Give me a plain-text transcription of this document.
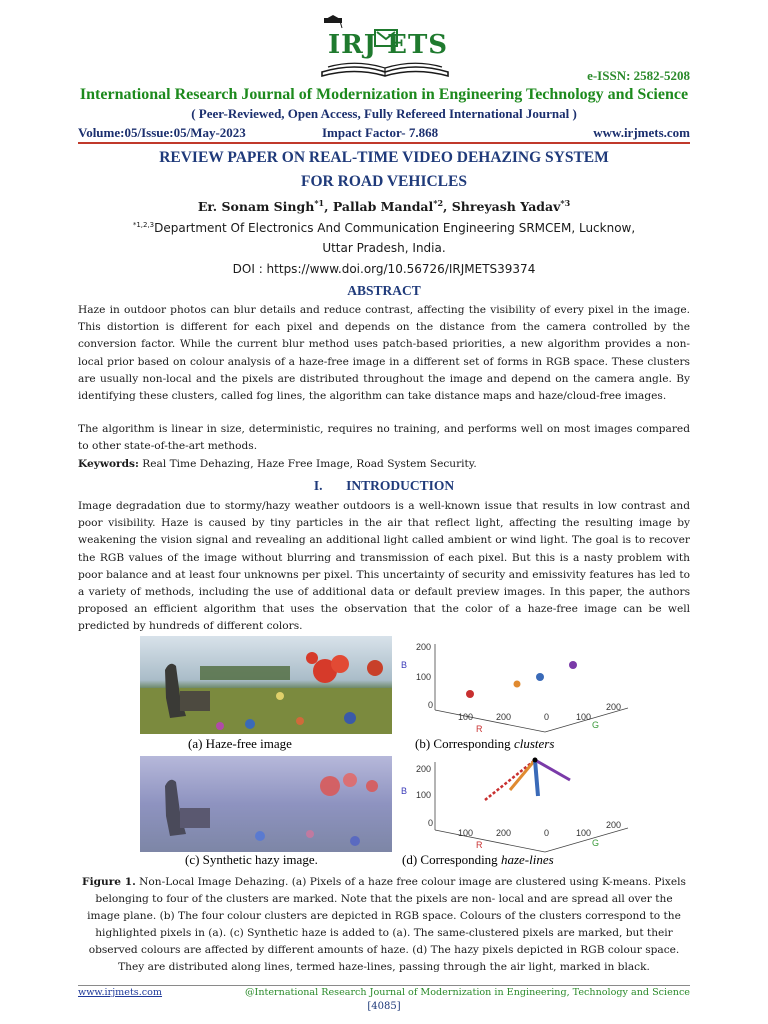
IRJ ETS
e-ISSN: 2582-5208
International Research Journal of Modernization in Engineering Technology and Science
( Peer-Reviewed, Open Access, Fully Refereed International Journal )
Volume:05/Issue:05/May-2023	Impact Factor- 7.868	www.irjmets.com
REVIEW PAPER ON REAL-TIME VIDEO DEHAZING SYSTEM
FOR ROAD VEHICLES
Er. Sonam Singh$^{*1}$, Pallab Mandal$^{*2}$, Shreyash Yadav$^{*3}$
$^{*1,2,3}$Department Of Electronics And Communication Engineering SRMCEM, Lucknow,
Uttar Pradesh, India.
DOI : https://www.doi.org/10.56726/IRJMETS39374
ABSTRACT
Haze in outdoor photos can blur details and reduce contrast, affecting the visibility of every pixel in the image. This distortion is different for each pixel and depends on the distance from the camera controlled by the conversion factor. While the current blur method uses patch-based priorities, a new algorithm provides a non-local prior based on colour analysis of a haze-free image in a different set of forms in RGB space. These clusters are usually non-local and the pixels are distributed throughout the image and depend on the camera angle. By identifying these clusters, called fog lines, the algorithm can take distance maps and haze/cloud-free images.
The algorithm is linear in size, deterministic, requires no training, and performs well on most images compared to other state-of-the-art methods.
Keywords: Real Time Dehazing, Haze Free Image, Road System Security.
I. INTRODUCTION
Image degradation due to stormy/hazy weather outdoors is a well-known issue that results in low contrast and poor visibility. Haze is caused by tiny particles in the air that reflect light, affecting the resulting image by weakening the vision signal and revealing an additional light called ambient or wind light. The goal is to recover the RGB values of the image without blurring and transmission of each pixel. But this is a nasty problem with poor balance and at least four unknowns per pixel. This uncertainty of security and emissivity features has led to a variety of methods, including the use of additional data or default preview images. In this paper, the authors proposed an efficient algorithm that uses the observation that the color of a haze-free image can be well predicted by hundreds of different colors.
B
200
100
0
100	200	0	100
200
R	G
(a) Haze-free image	(b) Corresponding clusters
B
200
100
0
100	200	0	100
200
R	G
(c) Synthetic hazy image.	(d) Corresponding haze-lines
Figure 1. Non-Local Image Dehazing. (a) Pixels of a haze free colour image are clustered using K-means. Pixels belonging to four of the clusters are marked. Note that the pixels are non- local and are spread all over the image plane. (b) The four colour clusters are depicted in RGB space. Colours of the clusters correspond to the highlighted pixels in (a). (c) Synthetic haze is added to (a). The same-clustered pixels are marked, but their observed colours are affected by different amounts of haze. (d) The hazy pixels depicted in RGB colour space. They are distributed along lines, termed haze-lines, passing through the air light, marked in black.
www.irjmets.com	@International Research Journal of Modernization in Engineering, Technology and Science
[4085]
